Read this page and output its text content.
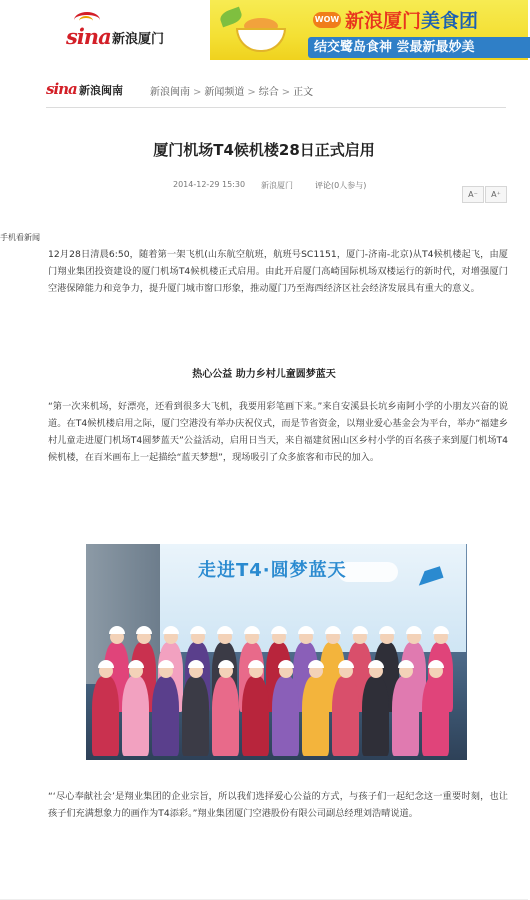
sina 新浪厦门
WOW 新浪厦门美食团
结交鹭岛食神 尝最新最妙美
sina 新浪闽南	新浪闽南 > 新闻频道 > 综合 > 正文
厦门机场T4候机楼28日正式启用
2014-12-29 15:30 新浪厦门	评论(0人参与)
A⁻	A⁺
手机看新闻

12月28日清晨6:50，随着第一架飞机(山东航空航班，航班号SC1151，厦门-济南-北京)从T4候机楼起飞，由厦门翔业集团投资建设的厦门机场T4候机楼正式启用。由此开启厦门高崎国际机场双楼运行的新时代，对增强厦门空港保障能力和竞争力，提升厦门城市窗口形象，推动厦门乃至海西经济区社会经济发展具有重大的意义。

热心公益 助力乡村儿童圆梦蓝天

“第一次来机场，好漂亮，还看到很多大飞机，我要用彩笔画下来。”来自安溪县长坑乡南阿小学的小朋友兴奋的说道。在T4候机楼启用之际，厦门空港没有举办庆祝仪式，而是节省资金，以翔业爱心基金会为平台，举办“福建乡村儿童走进厦门机场T4圆梦蓝天”公益活动，启用日当天，来自福建贫困山区乡村小学的百名孩子来到厦门机场T4候机楼，在百米画布上一起描绘“蓝天梦想”，现场吸引了众多旅客和市民的加入。

走进T4·圆梦蓝天

“‘尽心奉献社会’是翔业集团的企业宗旨，所以我们选择爱心公益的方式，与孩子们一起纪念这一重要时刻，也让孩子们充满想象力的画作为T4添彩。”翔业集团厦门空港股份有限公司副总经理刘浩晴说道。
